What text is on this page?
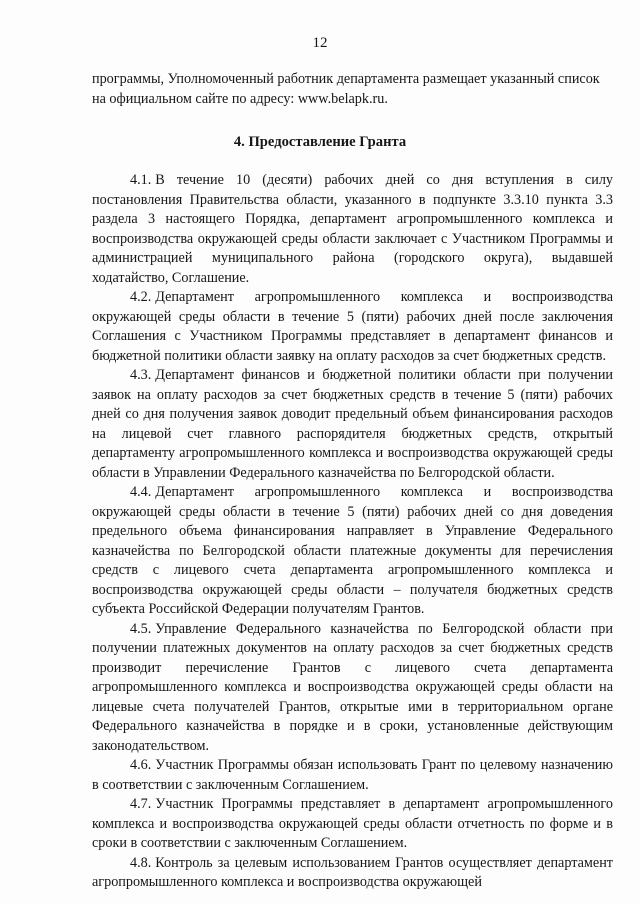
12
программы, Уполномоченный работник департамента размещает указанный список на официальном сайте по адресу: www.belapk.ru.
4. Предоставление Гранта

4.1. В течение 10 (десяти) рабочих дней со дня вступления в силу постановления Правительства области, указанного в подпункте 3.3.10 пункта 3.3 раздела 3 настоящего Порядка, департамент агропромышленного комплекса и воспроизводства окружающей среды области заключает с Участником Программы и администрацией муниципального района (городского округа), выдавшей ходатайство, Соглашение.

4.2. Департамент агропромышленного комплекса и воспроизводства окружающей среды области в течение 5 (пяти) рабочих дней после заключения Соглашения с Участником Программы представляет в департамент финансов и бюджетной политики области заявку на оплату расходов за счет бюджетных средств.

4.3. Департамент финансов и бюджетной политики области при получении заявок на оплату расходов за счет бюджетных средств в течение 5 (пяти) рабочих дней со дня получения заявок доводит предельный объем финансирования расходов на лицевой счет главного распорядителя бюджетных средств, открытый департаменту агропромышленного комплекса и воспроизводства окружающей среды области в Управлении Федерального казначейства по Белгородской области.

4.4. Департамент агропромышленного комплекса и воспроизводства окружающей среды области в течение 5 (пяти) рабочих дней со дня доведения предельного объема финансирования направляет в Управление Федерального казначейства по Белгородской области платежные документы для перечисления средств с лицевого счета департамента агропромышленного комплекса и воспроизводства окружающей среды области – получателя бюджетных средств субъекта Российской Федерации получателям Грантов.

4.5. Управление Федерального казначейства по Белгородской области при получении платежных документов на оплату расходов за счет бюджетных средств производит перечисление Грантов с лицевого счета департамента агропромышленного комплекса и воспроизводства окружающей среды области на лицевые счета получателей Грантов, открытые ими в территориальном органе Федерального казначейства в порядке и в сроки, установленные действующим законодательством.

4.6. Участник Программы обязан использовать Грант по целевому назначению в соответствии с заключенным Соглашением.

4.7. Участник Программы представляет в департамент агропромышленного комплекса и воспроизводства окружающей среды области отчетность по форме и в сроки в соответствии с заключенным Соглашением.

4.8. Контроль за целевым использованием Грантов осуществляет департамент агропромышленного комплекса и воспроизводства окружающей
